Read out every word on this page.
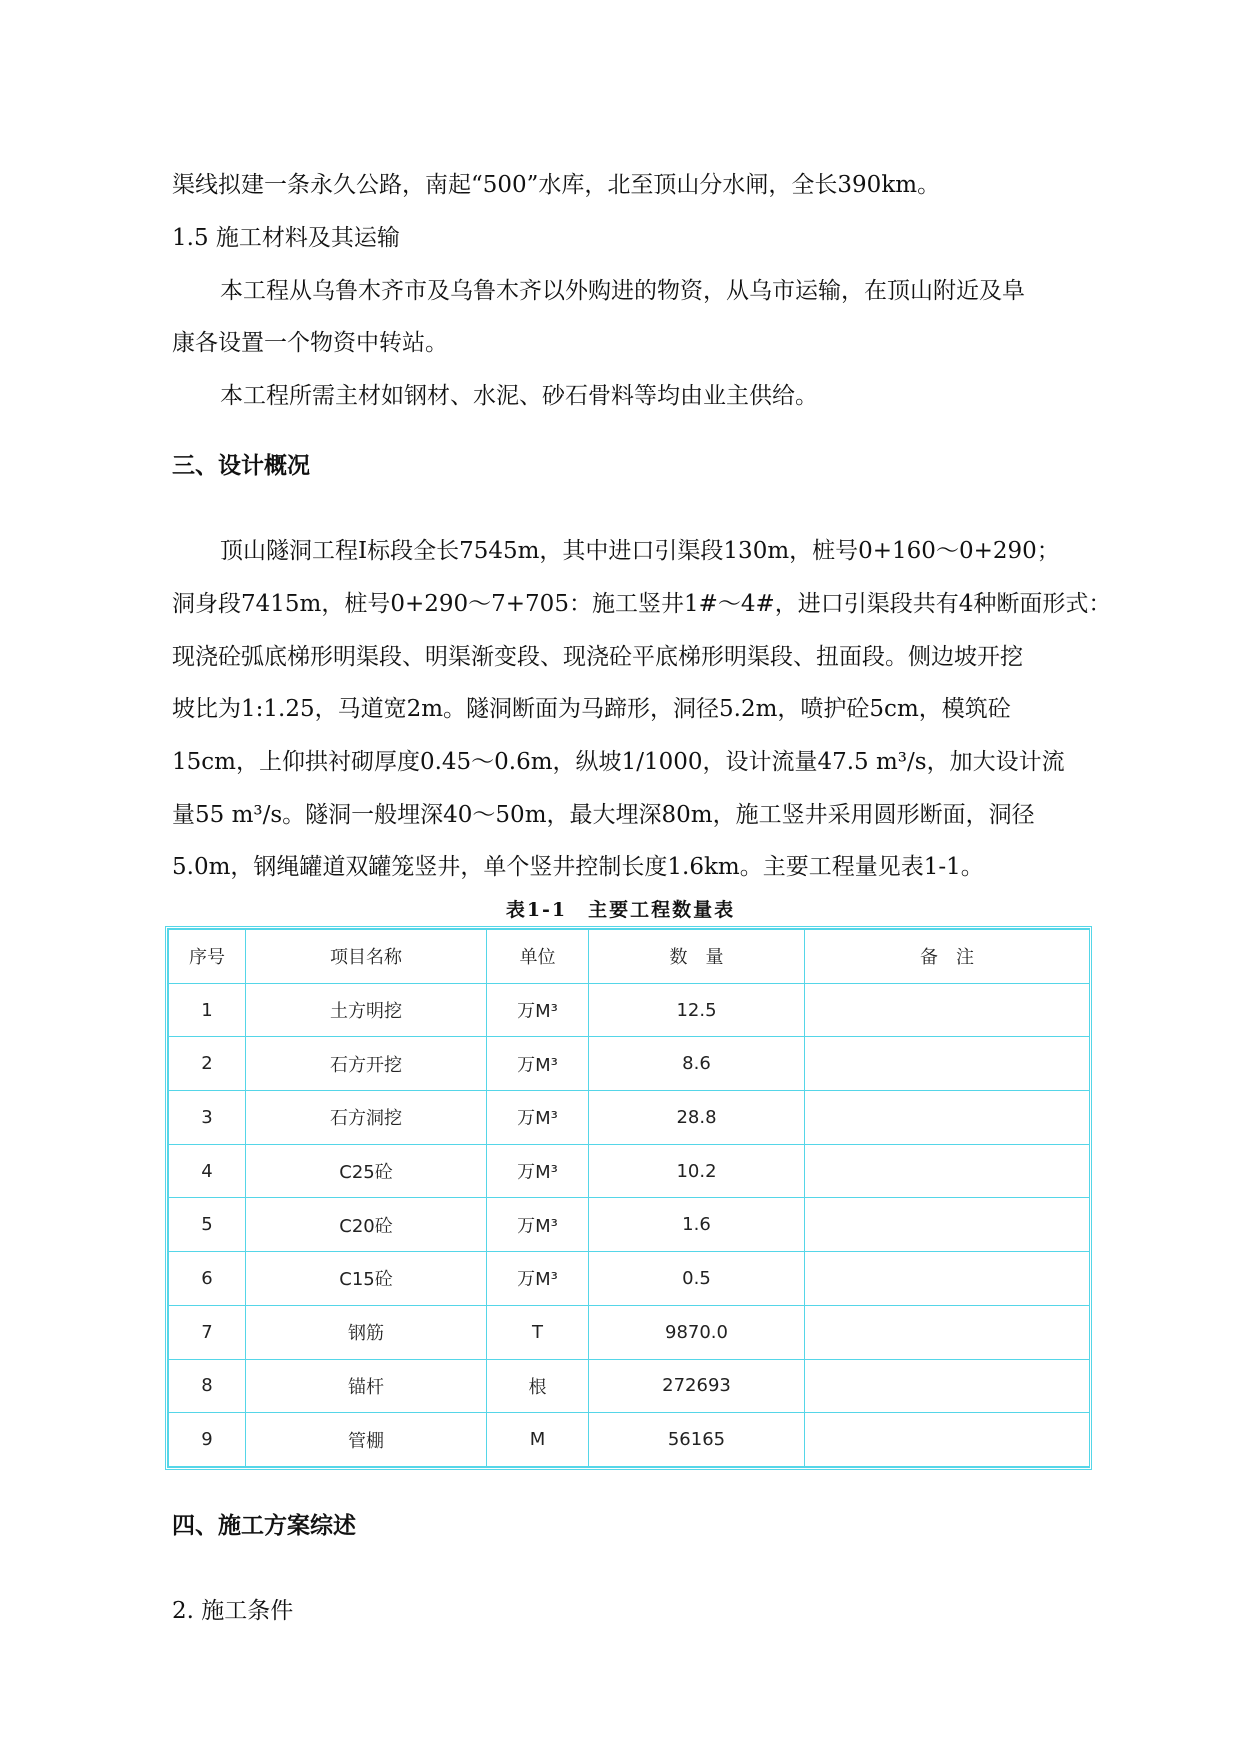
渠线拟建一条永久公路，南起“500”水库，北至顶山分水闸，全长390km。
1.5 施工材料及其运输
本工程从乌鲁木齐市及乌鲁木齐以外购进的物资，从乌市运输，在顶山附近及阜
康各设置一个物资中转站。
本工程所需主材如钢材、水泥、砂石骨料等均由业主供给。
三、设计概况
顶山隧洞工程Ⅰ标段全长7545m，其中进口引渠段130m，桩号0+160～0+290；
洞身段7415m，桩号0+290～7+705：施工竖井1#～4#，进口引渠段共有4种断面形式：
现浇砼弧底梯形明渠段、明渠渐变段、现浇砼平底梯形明渠段、扭面段。侧边坡开挖
坡比为1:1.25，马道宽2m。隧洞断面为马蹄形，洞径5.2m，喷护砼5cm，模筑砼
15cm，上仰拱衬砌厚度0.45～0.6m，纵坡1/1000，设计流量47.5 m³/s，加大设计流
量55 m³/s。隧洞一般埋深40～50m，最大埋深80m，施工竖井采用圆形断面，洞径
5.0m，钢绳罐道双罐笼竖井，单个竖井控制长度1.6km。主要工程量见表1-1。
表1-1　主要工程数量表
序号	项目名称	单位	数　量	备　注
1	土方明挖	万M³	12.5	
2	石方开挖	万M³	8.6	
3	石方洞挖	万M³	28.8	
4	C25砼	万M³	10.2	
5	C20砼	万M³	1.6	
6	C15砼	万M³	0.5	
7	钢筋	T	9870.0	
8	锚杆	根	272693	
9	管棚	M	56165	
四、施工方案综述
2. 施工条件
